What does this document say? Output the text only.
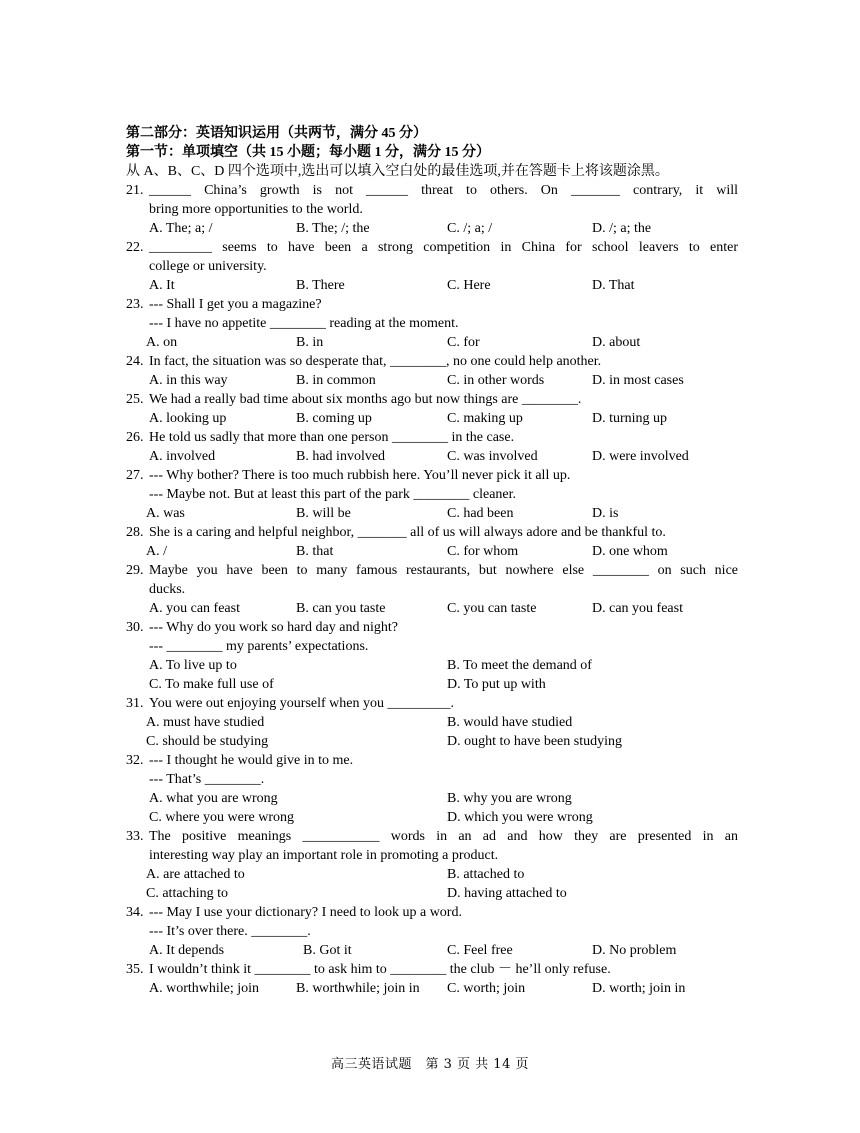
第二部分：英语知识运用（共两节，满分 45 分）
第一节：单项填空（共 15 小题；每小题 1 分，满分 15 分）
从 A、B、C、D 四个选项中,选出可以填入空白处的最佳选项,并在答题卡上将该题涂黑。
21. ______ China’s growth is not ______ threat to others. On _______ contrary, it will
bring more opportunities to the world.
A. The; a; /	B. The; /; the	C. /; a; /	D. /; a; the
22. _________ seems to have been a strong competition in China for school leavers to enter
college or university.
A. It	B. There	C. Here	D. That
23. --- Shall I get you a magazine?
--- I have no appetite ________ reading at the moment.
A. on	B. in	C. for	D. about
24. In fact, the situation was so desperate that, ________, no one could help another.
A. in this way	B. in common	C. in other words	D. in most cases
25. We had a really bad time about six months ago but now things are ________.
A. looking up	B. coming up	C. making up	D. turning up
26. He told us sadly that more than one person ________ in the case.
A. involved	B. had involved	C. was involved	D. were involved
27. --- Why bother? There is too much rubbish here. You’ll never pick it all up.
--- Maybe not. But at least this part of the park ________ cleaner.
A. was	B. will be	C. had been	D. is
28. She is a caring and helpful neighbor, _______ all of us will always adore and be thankful to.
A. /	B. that	C. for whom	D. one whom
29. Maybe you have been to many famous restaurants, but nowhere else ________ on such nice
ducks.
A. you can feast	B. can you taste	C. you can taste	D. can you feast
30. --- Why do you work so hard day and night?
--- ________ my parents’ expectations.
A. To live up to	B. To meet the demand of
C. To make full use of	D. To put up with
31. You were out enjoying yourself when you _________.
A. must have studied	B. would have studied
C. should be studying	D. ought to have been studying
32. --- I thought he would give in to me.
--- That’s ________.
A. what you are wrong	B. why you are wrong
C. where you were wrong	D. which you were wrong
33. The positive meanings ___________ words in an ad and how they are presented in an
interesting way play an important role in promoting a product.
A. are attached to	B. attached to
C. attaching to	D. having attached to
34. --- May I use your dictionary? I need to look up a word.
--- It’s over there. ________.
A. It depends	B. Got it	C. Feel free	D. No problem
35. I wouldn’t think it ________ to ask him to ________ the club － he’ll only refuse.
A. worthwhile; join	B. worthwhile; join in C. worth; join	D. worth; join in
高三英语试题　第 3 页 共 14 页
